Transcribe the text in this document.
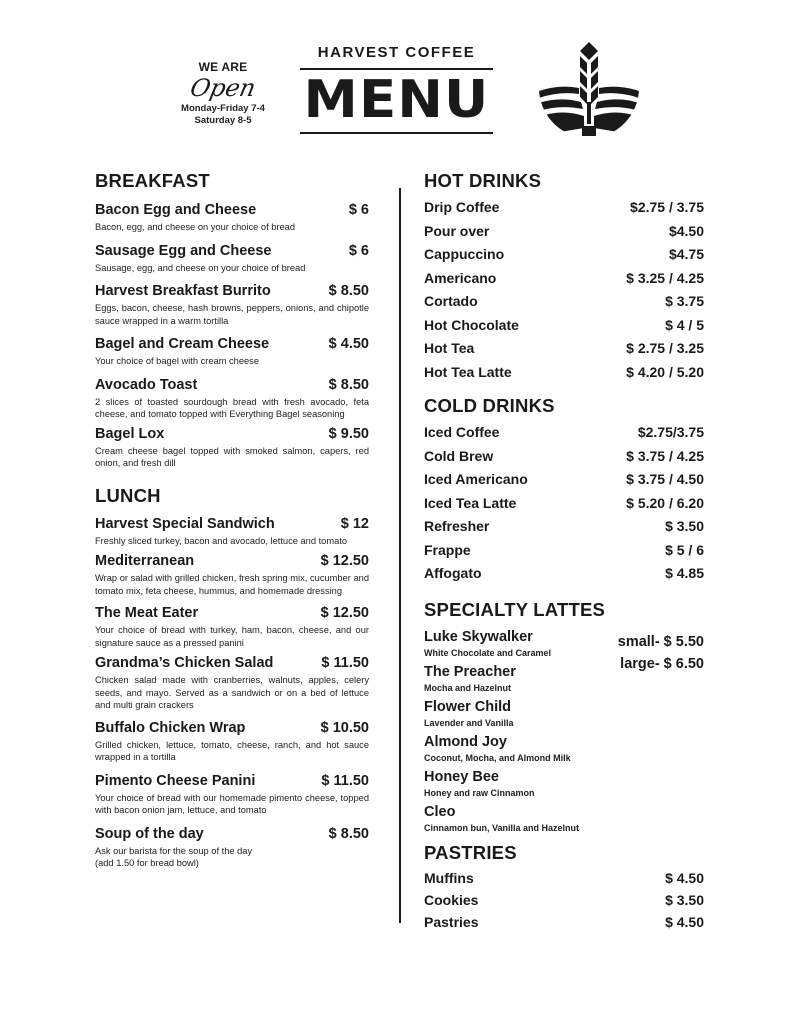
WE ARE
Open
Monday-Friday 7-4
Saturday 8-5
HARVEST COFFEE
MENU
BREAKFAST
Bacon Egg and Cheese	$ 6
Bacon, egg, and cheese on your choice of bread
Sausage Egg and Cheese	$ 6
Sausage, egg, and cheese on your choice of bread
Harvest Breakfast Burrito	$ 8.50
Eggs, bacon, cheese, hash browns, peppers, onions, and chipotle sauce wrapped in a warm tortilla
Bagel and Cream Cheese	$ 4.50
Your choice of bagel with cream cheese
Avocado Toast	$ 8.50
2 slices of toasted sourdough bread with fresh avocado, feta cheese, and tomato topped with Everything Bagel seasoning
Bagel Lox	$ 9.50
Cream cheese bagel topped with smoked salmon, capers, red onion, and fresh dill
LUNCH
Harvest Special Sandwich	$ 12
Freshly sliced turkey, bacon and avocado, lettuce and tomato
Mediterranean	$ 12.50
Wrap or salad with grilled chicken, fresh spring mix, cucumber and tomato mix, feta cheese, hummus, and homemade dressing
The Meat Eater	$ 12.50
Your choice of bread with turkey, ham, bacon, cheese, and our signature sauce as a pressed panini
Grandma’s Chicken Salad	$ 11.50
Chicken salad made with cranberries, walnuts, apples, celery seeds, and mayo. Served as a sandwich or on a bed of lettuce and multi grain crackers
Buffalo Chicken Wrap	$ 10.50
Grilled chicken, lettuce, tomato, cheese, ranch, and hot sauce wrapped in a tortilla
Pimento Cheese Panini	$ 11.50
Your choice of bread with our homemade pimento cheese, topped with bacon onion jam, lettuce, and tomato
Soup of the day	$ 8.50
Ask our barista for the soup of the day
(add 1.50 for bread bowl)
HOT DRINKS
Drip Coffee	$2.75 / 3.75
Pour over	$4.50
Cappuccino	$4.75
Americano	$ 3.25 / 4.25
Cortado	$ 3.75
Hot Chocolate	$ 4 / 5
Hot Tea	$ 2.75 / 3.25
Hot Tea Latte	$ 4.20 / 5.20
COLD DRINKS
Iced Coffee	$2.75/3.75
Cold Brew	$ 3.75 / 4.25
Iced Americano	$ 3.75 / 4.50
Iced Tea Latte	$ 5.20 / 6.20
Refresher	$ 3.50
Frappe	$ 5 / 6
Affogato	$ 4.85
SPECIALTY LATTES
small- $ 5.50
large- $ 6.50
Luke Skywalker
White Chocolate and Caramel
The Preacher
Mocha and Hazelnut
Flower Child
Lavender and Vanilla
Almond Joy
Coconut, Mocha, and Almond Milk
Honey Bee
Honey and raw Cinnamon
Cleo
Cinnamon bun, Vanilla and Hazelnut
PASTRIES
Muffins	$ 4.50
Cookies	$ 3.50
Pastries	$ 4.50
